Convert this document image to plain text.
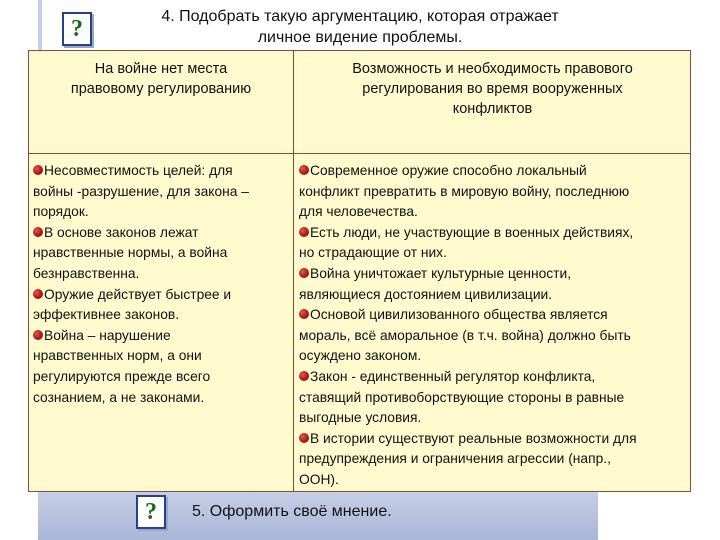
?	4. Подобрать такую аргументацию, которая отражает
личное видение проблемы.
На войне нет места
правовому регулированию
Возможность и необходимость правового
регулирования во время вооруженных
конфликтов
Несовместимость целей: для
войны -разрушение, для закона –
порядок.
В основе законов лежат
нравственные нормы, а война
безнравственна.
Оружие действует быстрее и
эффективнее законов.
Война – нарушение
нравственных норм, а они
регулируются прежде всего
сознанием, а не законами.
Современное оружие способно локальный
конфликт превратить в мировую войну, последнюю
для человечества.
Есть люди, не участвующие в военных действиях,
но страдающие от них.
Война уничтожает культурные ценности,
являющиеся достоянием цивилизации.
Основой цивилизованного общества является
мораль, всё аморальное (в т.ч. война) должно быть
осуждено законом.
Закон - единственный регулятор конфликта,
ставящий противоборствующие стороны в равные
выгодные условия.
В истории существуют реальные возможности для
предупреждения и ограничения агрессии (напр.,
ООН).
? 5. Оформить своё мнение.
